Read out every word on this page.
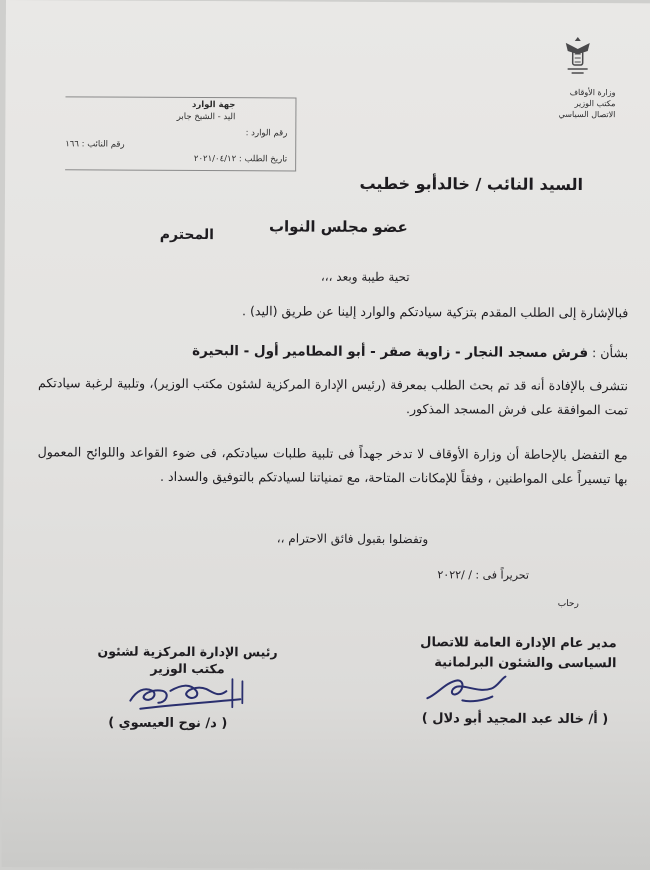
وزارة الأوقاف
مكتب الوزير
الاتصال السياسي
جهة الوارد
اليد - الشيخ جابر
رقم الوارد :
رقم النائب : ١٦٦
تاريخ الطلب : ٢٠٢١/٠٤/١٢
السيد النائب / خالدأبو خطيب
عضو مجلس النواب
المحترم
تحية طيبة وبعد ،،،
فبالإشارة إلى الطلب المقدم بتزكية سيادتكم والوارد إلينا عن طريق (اليد) .
بشأن : فرش مسجد النجار - زاوية صقر - أبو المطامير أول - البحيرة
نتشرف بالإفادة أنه قد تم بحث الطلب بمعرفة (رئيس الإدارة المركزية لشئون مكتب الوزير)، وتلبية لرغبة سيادتكم تمت الموافقة على فرش المسجد المذكور.
مع التفضل بالإحاطة أن وزارة الأوقاف لا تدخر جهداً فى تلبية طلبات سيادتكم، فى ضوء القواعد واللوائح المعمول بها تيسيراً على المواطنين ، وفقاً للإمكانات المتاحة، مع تمنياتنا لسيادتكم بالتوفيق والسداد .
وتفضلوا بقبول فائق الاحترام ،،
تحريراً فى : / /٢٠٢٢
رحاب
مدير عام الإدارة العامة للاتصال
السياسى والشئون البرلمانية
( أ/ خالد عبد المجيد أبو دلال )
رئيس الإدارة المركزية لشئون
مكتب الوزير
( د/ نوح العيسوي )
